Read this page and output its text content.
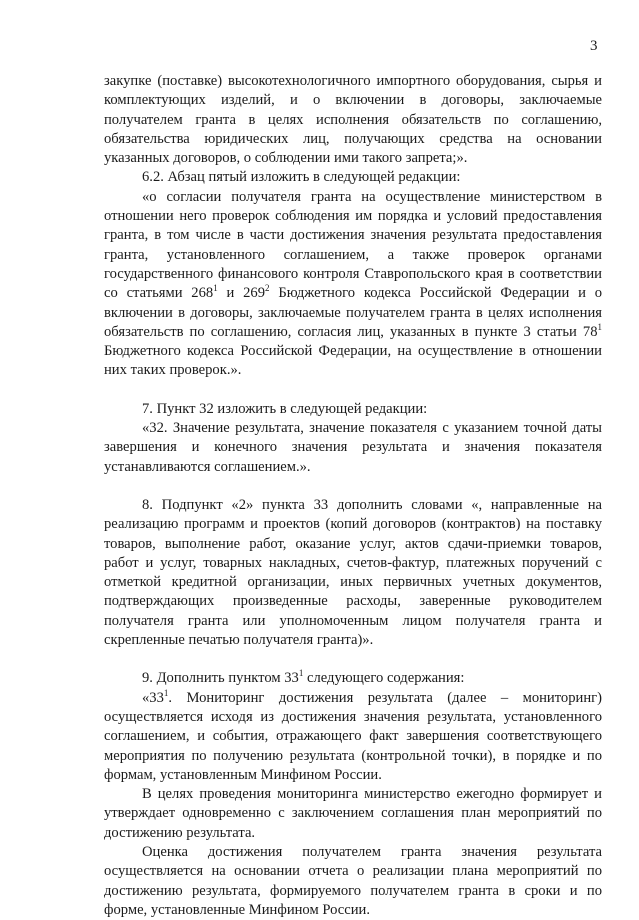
3

закупке (поставке) высокотехнологичного импортного оборудования, сырья и комплектующих изделий, и о включении в договоры, заключаемые получателем гранта в целях исполнения обязательств по соглашению, обязательства юридических лиц, получающих средства на основании указанных договоров, о соблюдении ими такого запрета;».

6.2. Абзац пятый изложить в следующей редакции:

«о согласии получателя гранта на осуществление министерством в отношении него проверок соблюдения им порядка и условий предоставления гранта, в том числе в части достижения значения результата предоставления гранта, установленного соглашением, а также проверок органами государственного финансового контроля Ставропольского края в соответствии со статьями $268^1$ и $269^2$ Бюджетного кодекса Российской Федерации и о включении в договоры, заключаемые получателем гранта в целях исполнения обязательств по соглашению, согласия лиц, указанных в пункте 3 статьи $78^1$ Бюджетного кодекса Российской Федерации, на осуществление в отношении них таких проверок.».

7. Пункт 32 изложить в следующей редакции:

«32. Значение результата, значение показателя с указанием точной даты завершения и конечного значения результата и значения показателя устанавливаются соглашением.».

8. Подпункт «2» пункта 33 дополнить словами «, направленные на реализацию программ и проектов (копий договоров (контрактов) на поставку товаров, выполнение работ, оказание услуг, актов сдачи-приемки товаров, работ и услуг, товарных накладных, счетов-фактур, платежных поручений с отметкой кредитной организации, иных первичных учетных документов, подтверждающих произведенные расходы, заверенные руководителем получателя гранта или уполномоченным лицом получателя гранта и скрепленные печатью получателя гранта)».

9. Дополнить пунктом $33^1$ следующего содержания:

«$33^1$. Мониторинг достижения результата (далее – мониторинг) осуществляется исходя из достижения значения результата, установленного соглашением, и события, отражающего факт завершения соответствующего мероприятия по получению результата (контрольной точки), в порядке и по формам, установленным Минфином России.

В целях проведения мониторинга министерство ежегодно формирует и утверждает одновременно с заключением соглашения план мероприятий по достижению результата.

Оценка достижения получателем гранта значения результата осуществляется на основании отчета о реализации плана мероприятий по достижению результата, формируемого получателем гранта в сроки и по форме, установленные Минфином России.
